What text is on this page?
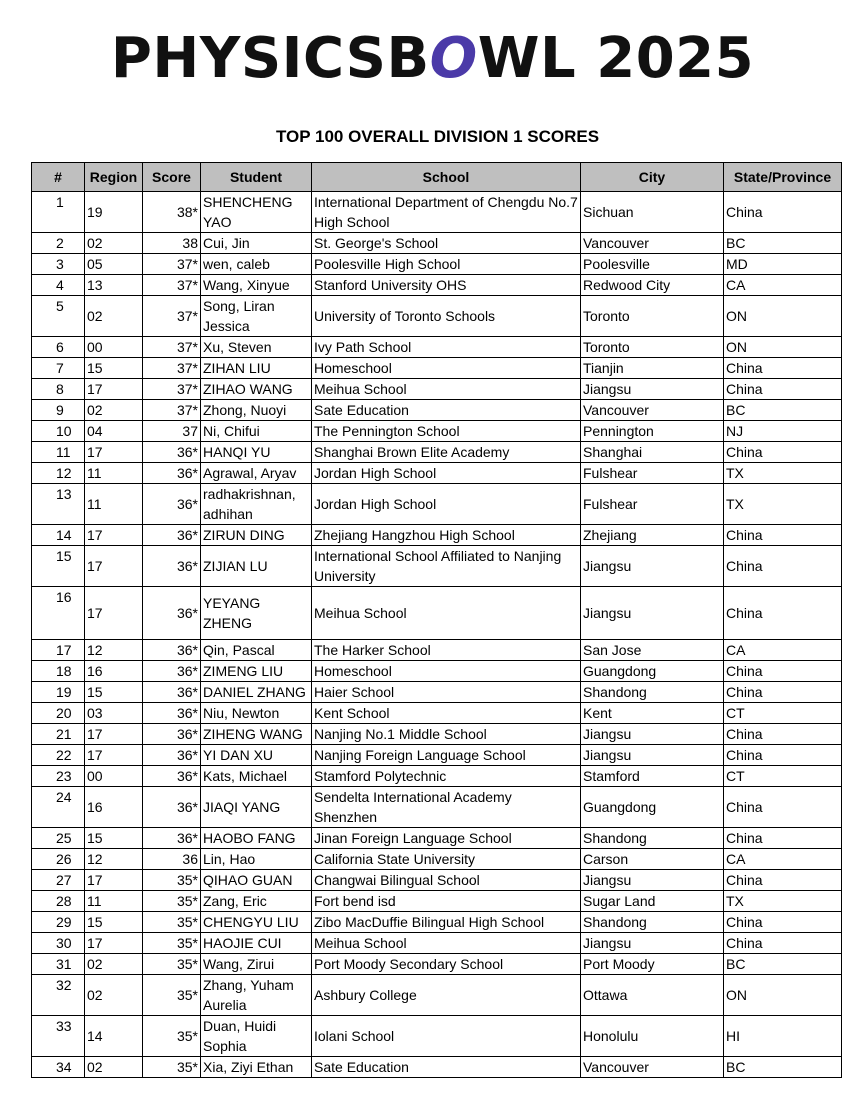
PHYSICSBOWL 2025
TOP 100 OVERALL DIVISION 1 SCORES
#	Region	Score	Student	School	City	State/Province
1	19	38*	SHENCHENG YAO	International Department of Chengdu No.7 High School	Sichuan	China
2	02	38	Cui, Jin	St. George's School	Vancouver	BC
3	05	37*	wen, caleb	Poolesville High School	Poolesville	MD
4	13	37*	Wang, Xinyue	Stanford University OHS	Redwood City	CA
5	02	37*	Song, Liran Jessica	University of Toronto Schools	Toronto	ON
6	00	37*	Xu, Steven	Ivy Path School	Toronto	ON
7	15	37*	ZIHAN LIU	Homeschool	Tianjin	China
8	17	37*	ZIHAO WANG	Meihua School	Jiangsu	China
9	02	37*	Zhong, Nuoyi	Sate Education	Vancouver	BC
10	04	37	Ni, Chifui	The Pennington School	Pennington	NJ
11	17	36*	HANQI YU	Shanghai Brown Elite Academy	Shanghai	China
12	11	36*	Agrawal, Aryav	Jordan High School	Fulshear	TX
13	11	36*	radhakrishnan, adhihan	Jordan High School	Fulshear	TX
14	17	36*	ZIRUN DING	Zhejiang Hangzhou High School	Zhejiang	China
15	17	36*	ZIJIAN LU	International School Affiliated to Nanjing University	Jiangsu	China
16	17	36*	YEYANG ZHENG	Meihua School	Jiangsu	China
17	12	36*	Qin, Pascal	The Harker School	San Jose	CA
18	16	36*	ZIMENG LIU	Homeschool	Guangdong	China
19	15	36*	DANIEL ZHANG	Haier School	Shandong	China
20	03	36*	Niu, Newton	Kent School	Kent	CT
21	17	36*	ZIHENG WANG	Nanjing No.1 Middle School	Jiangsu	China
22	17	36*	YI DAN XU	Nanjing Foreign Language School	Jiangsu	China
23	00	36*	Kats, Michael	Stamford Polytechnic	Stamford	CT
24	16	36*	JIAQI YANG	Sendelta International Academy Shenzhen	Guangdong	China
25	15	36*	HAOBO FANG	Jinan Foreign Language School	Shandong	China
26	12	36	Lin, Hao	California State University	Carson	CA
27	17	35*	QIHAO GUAN	Changwai Bilingual School	Jiangsu	China
28	11	35*	Zang, Eric	Fort bend isd	Sugar Land	TX
29	15	35*	CHENGYU LIU	Zibo MacDuffie Bilingual High School	Shandong	China
30	17	35*	HAOJIE CUI	Meihua School	Jiangsu	China
31	02	35*	Wang, Zirui	Port Moody Secondary School	Port Moody	BC
32	02	35*	Zhang, Yuham Aurelia	Ashbury College	Ottawa	ON
33	14	35*	Duan, Huidi Sophia	Iolani School	Honolulu	HI
34	02	35*	Xia, Ziyi Ethan	Sate Education	Vancouver	BC
